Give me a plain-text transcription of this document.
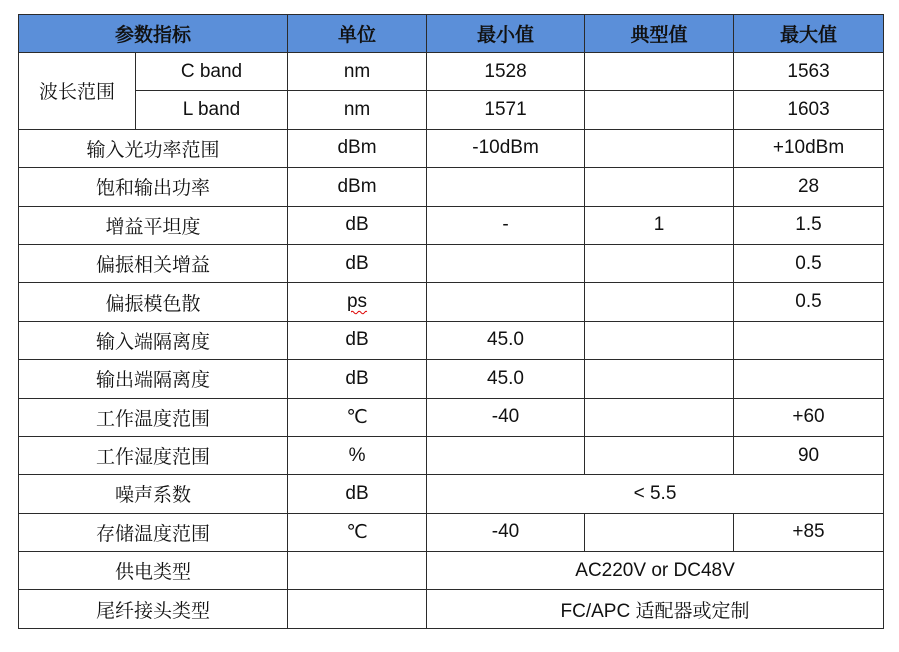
参数指标		单位	最小值	典型值	最大值
波长范围	C band	nm	1528		1563
	L band	nm	1571		1603
输入光功率范围		dBm	-10dBm		+10dBm
饱和输出功率		dBm			28
增益平坦度		dB	-	1	1.5
偏振相关增益		dB			0.5
偏振模色散		ps			0.5
输入端隔离度		dB	45.0		
输出端隔离度		dB	45.0		
工作温度范围		℃	-40		+60
工作湿度范围		%			90
噪声系数		dB	< 5.5		
存储温度范围		℃	-40		+85
供电类型			AC220V or DC48V		
尾纤接头类型			FC/APC 适配器或定制		
